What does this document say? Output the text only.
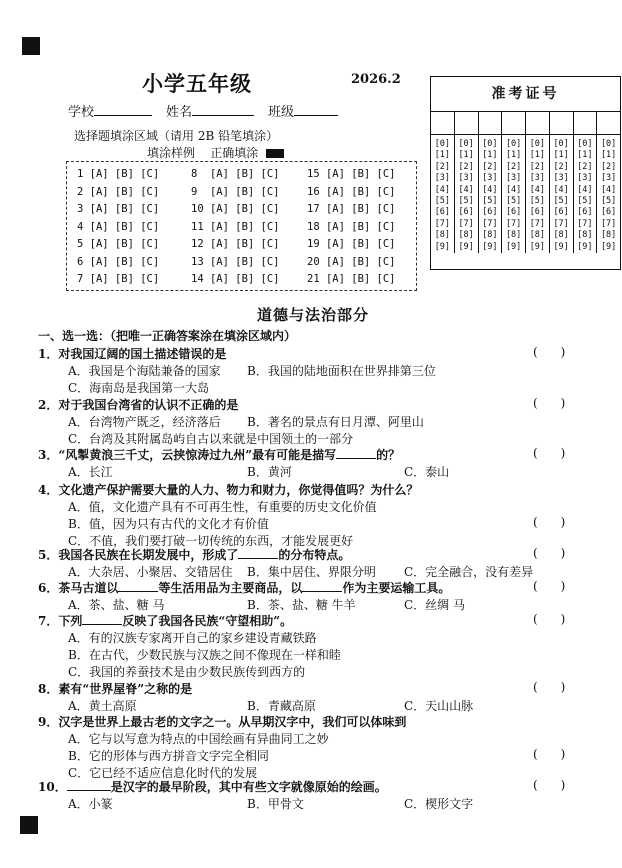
小学五年级	2026.2
学校	姓名	班级
选择题填涂区域（请用 2B 铅笔填涂）
填涂样例 正确填涂
1 [A] [B] [C]
2 [A] [B] [C]
3 [A] [B] [C]
4 [A] [B] [C]
5 [A] [B] [C]
6 [A] [B] [C]
7 [A] [B] [C]
8  [A] [B] [C]
9  [A] [B] [C]
10 [A] [B] [C]
11 [A] [B] [C]
12 [A] [B] [C]
13 [A] [B] [C]
14 [A] [B] [C]
15 [A] [B] [C]
16 [A] [B] [C]
17 [A] [B] [C]
18 [A] [B] [C]
19 [A] [B] [C]
20 [A] [B] [C]
21 [A] [B] [C]
准考证号
[0]
[1]
[2]
[3]
[4]
[5]
[6]
[7]
[8]
[9]
[0]
[1]
[2]
[3]
[4]
[5]
[6]
[7]
[8]
[9]
[0]
[1]
[2]
[3]
[4]
[5]
[6]
[7]
[8]
[9]
[0]
[1]
[2]
[3]
[4]
[5]
[6]
[7]
[8]
[9]
[0]
[1]
[2]
[3]
[4]
[5]
[6]
[7]
[8]
[9]
[0]
[1]
[2]
[3]
[4]
[5]
[6]
[7]
[8]
[9]
[0]
[1]
[2]
[3]
[4]
[5]
[6]
[7]
[8]
[9]
[0]
[1]
[2]
[3]
[4]
[5]
[6]
[7]
[8]
[9]
道德与法治部分
一、选一选：（把唯一正确答案涂在填涂区域内）
1．对我国辽阔的国土描述错误的是	(      )
A．我国是个海陆兼备的国家 B．我国的陆地面积在世界排第三位
C．海南岛是我国第一大岛
2．对于我国台湾省的认识不正确的是	(      )
A．台湾物产既乏，经济落后 B．著名的景点有日月潭、阿里山
C．台湾及其附属岛屿自古以来就是中国领土的一部分
3．“风掣黄浪三千丈，云挟惊涛过九州”最有可能是描写	的？	(      )
A．长江	B．黄河	C．泰山
4．文化遗产保护需要大量的人力、物力和财力，你觉得值吗？为什么？
A．值，文化遗产具有不可再生性，有重要的历史文化价值
B．值，因为只有古代的文化才有价值
C．不值，我们要打破一切传统的东西，才能发展更好
(      )
5．我国各民族在长期发展中，形成了	的分布特点。	(      )
A．大杂居、小聚居、交错居住 B．集中居住、界限分明 C．完全融合，没有差异
6．茶马古道以	等生活用品为主要商品，以	作为主要运输工具。	(      )
A．茶、盐、糖 马	B．茶、盐、糖 牛羊	C．丝绸 马
7．下列	反映了我国各民族“守望相助”。	(      )
A．有的汉族专家离开自己的家乡建设青藏铁路
B．在古代，少数民族与汉族之间不像现在一样和睦
C．我国的养蚕技术是由少数民族传到西方的
8．素有“世界屋脊”之称的是	(      )
A．黄土高原	B．青藏高原	C．天山山脉
9．汉字是世界上最古老的文字之一。从早期汉字中，我们可以体味到
A．它与以写意为特点的中国绘画有异曲同工之妙
B．它的形体与西方拼音文字完全相同
C．它已经不适应信息化时代的发展
(      )
10．	是汉字的最早阶段，其中有些文字就像原始的绘画。	(      )
A．小篆	B．甲骨文	C．楔形文字
